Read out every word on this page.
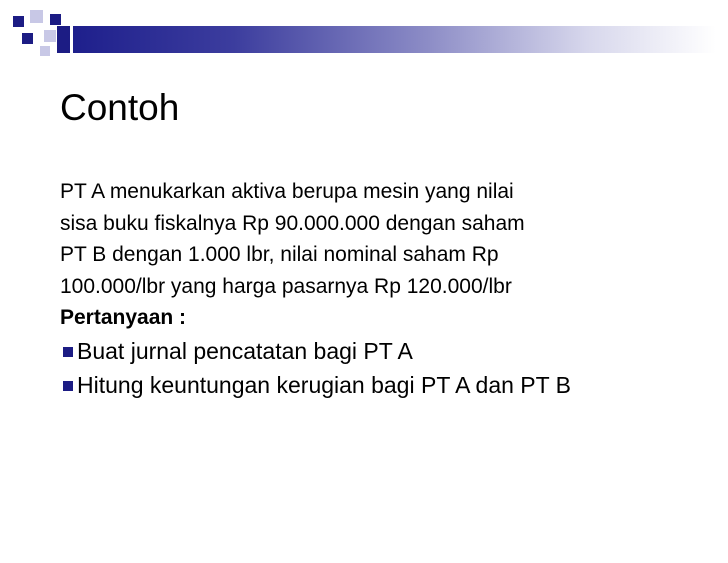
Contoh

PT A menukarkan aktiva berupa mesin yang nilai

sisa buku fiskalnya Rp 90.000.000 dengan saham

PT B dengan 1.000 lbr, nilai nominal saham Rp

100.000/lbr yang harga pasarnya Rp 120.000/lbr

Pertanyaan :

Buat jurnal pencatatan bagi PT A
Hitung keuntungan kerugian bagi PT A dan PT B
